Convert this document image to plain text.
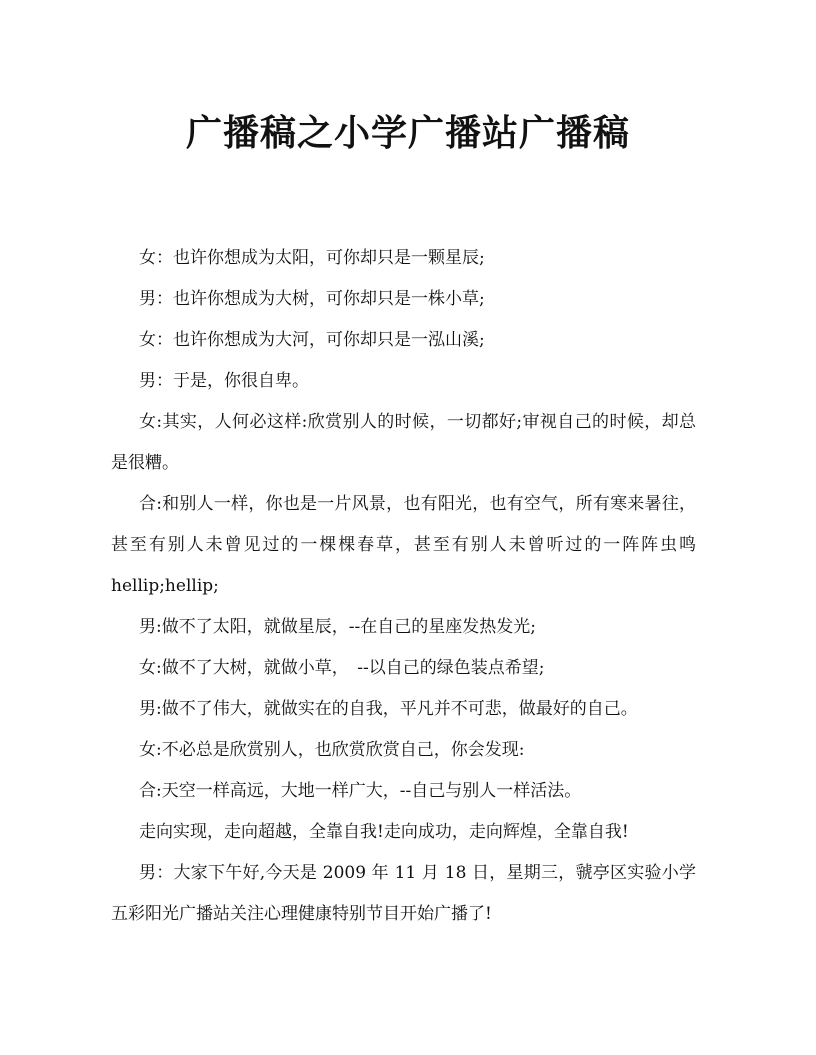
广播稿之小学广播站广播稿

女：也许你想成为太阳，可你却只是一颗星辰;

男：也许你想成为大树，可你却只是一株小草;

女：也许你想成为大河，可你却只是一泓山溪;

男：于是，你很自卑。

女:其实，人何必这样:欣赏别人的时候，一切都好;审视自己的时候，却总是很糟。

合:和别人一样，你也是一片风景，也有阳光，也有空气，所有寒来暑往，甚至有别人未曾见过的一棵棵春草，甚至有别人未曾听过的一阵阵虫鸣 hellip;hellip;

男:做不了太阳，就做星辰，--在自己的星座发热发光;

女:做不了大树，就做小草，　--以自己的绿色装点希望;

男:做不了伟大，就做实在的自我，平凡并不可悲，做最好的自己。

女:不必总是欣赏别人，也欣赏欣赏自己，你会发现:

合:天空一样高远，大地一样广大，--自己与别人一样活法。

走向实现，走向超越，全靠自我!走向成功，走向辉煌，全靠自我!

男：大家下午好,今天是 2009 年 11 月 18 日，星期三，虢亭区实验小学五彩阳光广播站关注心理健康特别节目开始广播了!
